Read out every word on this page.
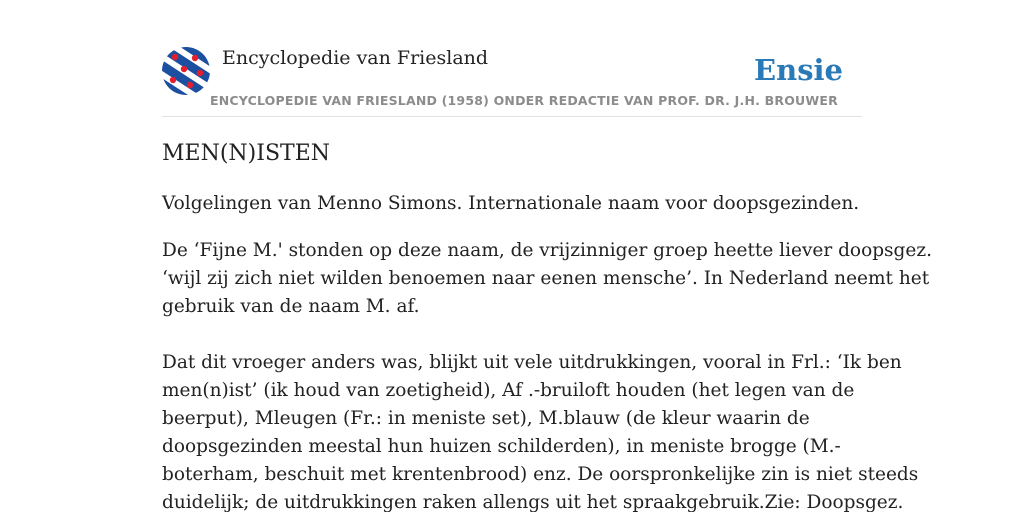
Encyclopedie van Friesland	Ensie
ENCYCLOPEDIE VAN FRIESLAND (1958) ONDER REDACTIE VAN PROF. DR. J.H. BROUWER
MEN(N)ISTEN

Volgelingen van Menno Simons. Internationale naam voor doopsgezinden.

De ‘Fijne M.' stonden op deze naam, de vrijzinniger groep heette liever doopsgez.
‘wijl zij zich niet wilden benoemen naar eenen mensche’. In Nederland neemt het
gebruik van de naam M. af.

Dat dit vroeger anders was, blijkt uit vele uitdrukkingen, vooral in Frl.: ‘Ik ben
men(n)ist’ (ik houd van zoetigheid), Af .-bruiloft houden (het legen van de
beerput), Mleugen (Fr.: in meniste set), M.blauw (de kleur waarin de
doopsgezinden meestal hun huizen schilderden), in meniste brogge (M.-
boterham, beschuit met krentenbrood) enz. De oorspronkelijke zin is niet steeds
duidelijk; de uitdrukkingen raken allengs uit het spraakgebruik.Zie: Doopsgez.
